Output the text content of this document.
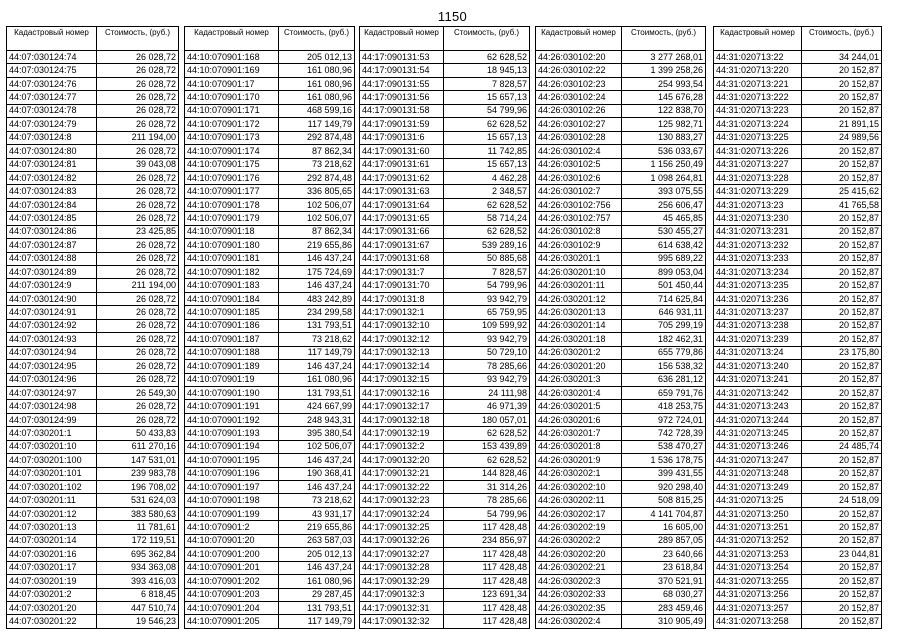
1150
Кадастровый номер	Стоимость, (руб.)
44:07:030124:74	26 028,72
44:07:030124:75	26 028,72
44:07:030124:76	26 028,72
44:07:030124:77	26 028,72
44:07:030124:78	26 028,72
44:07:030124:79	26 028,72
44:07:030124:8	211 194,00
44:07:030124:80	26 028,72
44:07:030124:81	39 043,08
44:07:030124:82	26 028,72
44:07:030124:83	26 028,72
44:07:030124:84	26 028,72
44:07:030124:85	26 028,72
44:07:030124:86	23 425,85
44:07:030124:87	26 028,72
44:07:030124:88	26 028,72
44:07:030124:89	26 028,72
44:07:030124:9	211 194,00
44:07:030124:90	26 028,72
44:07:030124:91	26 028,72
44:07:030124:92	26 028,72
44:07:030124:93	26 028,72
44:07:030124:94	26 028,72
44:07:030124:95	26 028,72
44:07:030124:96	26 028,72
44:07:030124:97	26 549,30
44:07:030124:98	26 028,72
44:07:030124:99	26 028,72
44:07:030201:1	50 433,83
44:07:030201:10	611 270,16
44:07:030201:100	147 531,01
44:07:030201:101	239 983,78
44:07:030201:102	196 708,02
44:07:030201:11	531 624,03
44:07:030201:12	383 580,63
44:07:030201:13	11 781,61
44:07:030201:14	172 119,51
44:07:030201:16	695 362,84
44:07:030201:17	934 363,08
44:07:030201:19	393 416,03
44:07:030201:2	6 818,45
44:07:030201:20	447 510,74
44:07:030201:22	19 546,23
Кадастровый номер	Стоимость, (руб.)
44:10:070901:168	205 012,13
44:10:070901:169	161 080,96
44:10:070901:17	161 080,96
44:10:070901:170	161 080,96
44:10:070901:171	468 599,16
44:10:070901:172	117 149,79
44:10:070901:173	292 874,48
44:10:070901:174	87 862,34
44:10:070901:175	73 218,62
44:10:070901:176	292 874,48
44:10:070901:177	336 805,65
44:10:070901:178	102 506,07
44:10:070901:179	102 506,07
44:10:070901:18	87 862,34
44:10:070901:180	219 655,86
44:10:070901:181	146 437,24
44:10:070901:182	175 724,69
44:10:070901:183	146 437,24
44:10:070901:184	483 242,89
44:10:070901:185	234 299,58
44:10:070901:186	131 793,51
44:10:070901:187	73 218,62
44:10:070901:188	117 149,79
44:10:070901:189	146 437,24
44:10:070901:19	161 080,96
44:10:070901:190	131 793,51
44:10:070901:191	424 667,99
44:10:070901:192	248 943,31
44:10:070901:193	395 380,54
44:10:070901:194	102 506,07
44:10:070901:195	146 437,24
44:10:070901:196	190 368,41
44:10:070901:197	146 437,24
44:10:070901:198	73 218,62
44:10:070901:199	43 931,17
44:10:070901:2	219 655,86
44:10:070901:20	263 587,03
44:10:070901:200	205 012,13
44:10:070901:201	146 437,24
44:10:070901:202	161 080,96
44:10:070901:203	29 287,45
44:10:070901:204	131 793,51
44:10:070901:205	117 149,79
Кадастровый номер	Стоимость, (руб.)
44:17:090131:53	62 628,52
44:17:090131:54	18 945,13
44:17:090131:55	7 828,57
44:17:090131:56	15 657,13
44:17:090131:58	54 799,96
44:17:090131:59	62 628,52
44:17:090131:6	15 657,13
44:17:090131:60	11 742,85
44:17:090131:61	15 657,13
44:17:090131:62	4 462,28
44:17:090131:63	2 348,57
44:17:090131:64	62 628,52
44:17:090131:65	58 714,24
44:17:090131:66	62 628,52
44:17:090131:67	539 289,16
44:17:090131:68	50 885,68
44:17:090131:7	7 828,57
44:17:090131:70	54 799,96
44:17:090131:8	93 942,79
44:17:090132:1	65 759,95
44:17:090132:10	109 599,92
44:17:090132:12	93 942,79
44:17:090132:13	50 729,10
44:17:090132:14	78 285,66
44:17:090132:15	93 942,79
44:17:090132:16	24 111,98
44:17:090132:17	46 971,39
44:17:090132:18	180 057,01
44:17:090132:19	62 628,52
44:17:090132:2	153 439,89
44:17:090132:20	62 628,52
44:17:090132:21	144 828,46
44:17:090132:22	31 314,26
44:17:090132:23	78 285,66
44:17:090132:24	54 799,96
44:17:090132:25	117 428,48
44:17:090132:26	234 856,97
44:17:090132:27	117 428,48
44:17:090132:28	117 428,48
44:17:090132:29	117 428,48
44:17:090132:3	123 691,34
44:17:090132:31	117 428,48
44:17:090132:32	117 428,48
Кадастровый номер	Стоимость, (руб.)
44:26:030102:20	3 277 268,01
44:26:030102:22	1 399 258,26
44:26:030102:23	254 993,54
44:26:030102:24	145 676,28
44:26:030102:26	122 838,70
44:26:030102:27	125 982,71
44:26:030102:28	130 883,27
44:26:030102:4	536 033,67
44:26:030102:5	1 156 250,49
44:26:030102:6	1 098 264,81
44:26:030102:7	393 075,55
44:26:030102:756	256 606,47
44:26:030102:757	45 465,85
44:26:030102:8	530 455,27
44:26:030102:9	614 638,42
44:26:030201:1	995 689,22
44:26:030201:10	899 053,04
44:26:030201:11	501 450,44
44:26:030201:12	714 625,84
44:26:030201:13	646 931,11
44:26:030201:14	705 299,19
44:26:030201:18	182 462,31
44:26:030201:2	655 779,86
44:26:030201:20	156 538,32
44:26:030201:3	636 281,12
44:26:030201:4	659 791,76
44:26:030201:5	418 253,75
44:26:030201:6	972 724,01
44:26:030201:7	742 728,39
44:26:030201:8	538 470,27
44:26:030201:9	1 536 178,75
44:26:030202:1	399 431,55
44:26:030202:10	920 298,40
44:26:030202:11	508 815,25
44:26:030202:17	4 141 704,87
44:26:030202:19	16 605,00
44:26:030202:2	289 857,05
44:26:030202:20	23 640,66
44:26:030202:21	23 618,84
44:26:030202:3	370 521,91
44:26:030202:33	68 030,27
44:26:030202:35	283 459,46
44:26:030202:4	310 905,49
Кадастровый номер	Стоимость, (руб.)
44:31:020713:22	34 244,01
44:31:020713:220	20 152,87
44:31:020713:221	20 152,87
44:31:020713:222	20 152,87
44:31:020713:223	20 152,87
44:31:020713:224	21 891,15
44:31:020713:225	24 989,56
44:31:020713:226	20 152,87
44:31:020713:227	20 152,87
44:31:020713:228	20 152,87
44:31:020713:229	25 415,62
44:31:020713:23	41 765,58
44:31:020713:230	20 152,87
44:31:020713:231	20 152,87
44:31:020713:232	20 152,87
44:31:020713:233	20 152,87
44:31:020713:234	20 152,87
44:31:020713:235	20 152,87
44:31:020713:236	20 152,87
44:31:020713:237	20 152,87
44:31:020713:238	20 152,87
44:31:020713:239	20 152,87
44:31:020713:24	23 175,80
44:31:020713:240	20 152,87
44:31:020713:241	20 152,87
44:31:020713:242	20 152,87
44:31:020713:243	20 152,87
44:31:020713:244	20 152,87
44:31:020713:245	20 152,87
44:31:020713:246	24 485,74
44:31:020713:247	20 152,87
44:31:020713:248	20 152,87
44:31:020713:249	20 152,87
44:31:020713:25	24 518,09
44:31:020713:250	20 152,87
44:31:020713:251	20 152,87
44:31:020713:252	20 152,87
44:31:020713:253	23 044,81
44:31:020713:254	20 152,87
44:31:020713:255	20 152,87
44:31:020713:256	20 152,87
44:31:020713:257	20 152,87
44:31:020713:258	20 152,87
